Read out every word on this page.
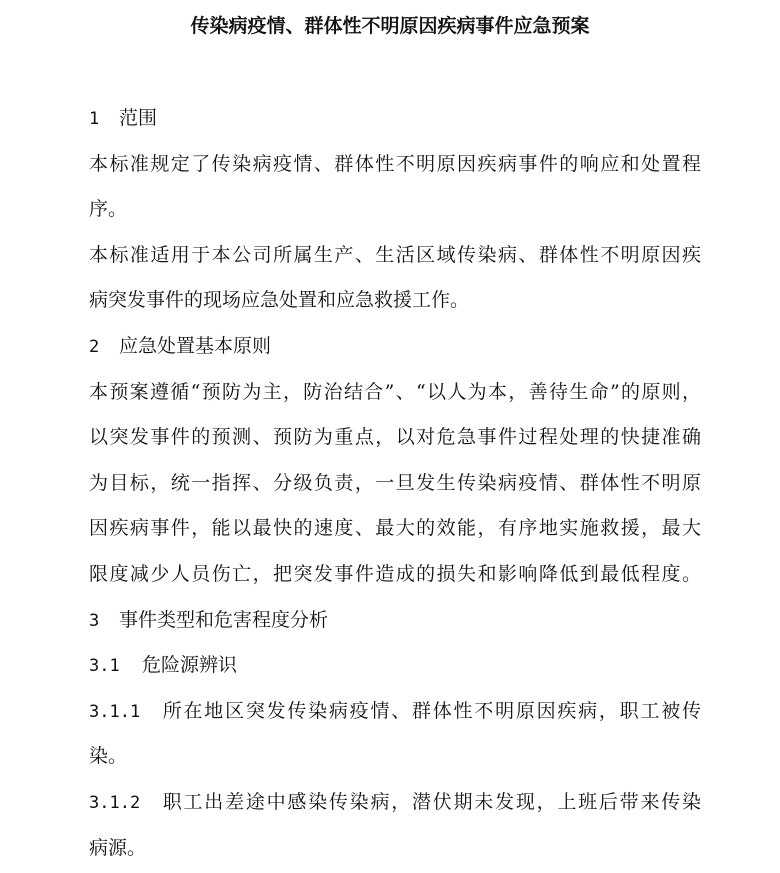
传染病疫情、群体性不明原因疾病事件应急预案
1 范围
本标准规定了传染病疫情、群体性不明原因疾病事件的响应和处置程
序。
本标准适用于本公司所属生产、生活区域传染病、群体性不明原因疾
病突发事件的现场应急处置和应急救援工作。
2 应急处置基本原则
本预案遵循“预防为主，防治结合”、“以人为本，善待生命”的原则，
以突发事件的预测、预防为重点，以对危急事件过程处理的快捷准确
为目标，统一指挥、分级负责，一旦发生传染病疫情、群体性不明原
因疾病事件，能以最快的速度、最大的效能，有序地实施救援，最大
限度减少人员伤亡，把突发事件造成的损失和影响降低到最低程度。
3 事件类型和危害程度分析
3.1 危险源辨识
3.1.1 所在地区突发传染病疫情、群体性不明原因疾病，职工被传
染。
3.1.2 职工出差途中感染传染病，潜伏期未发现，上班后带来传染
病源。
